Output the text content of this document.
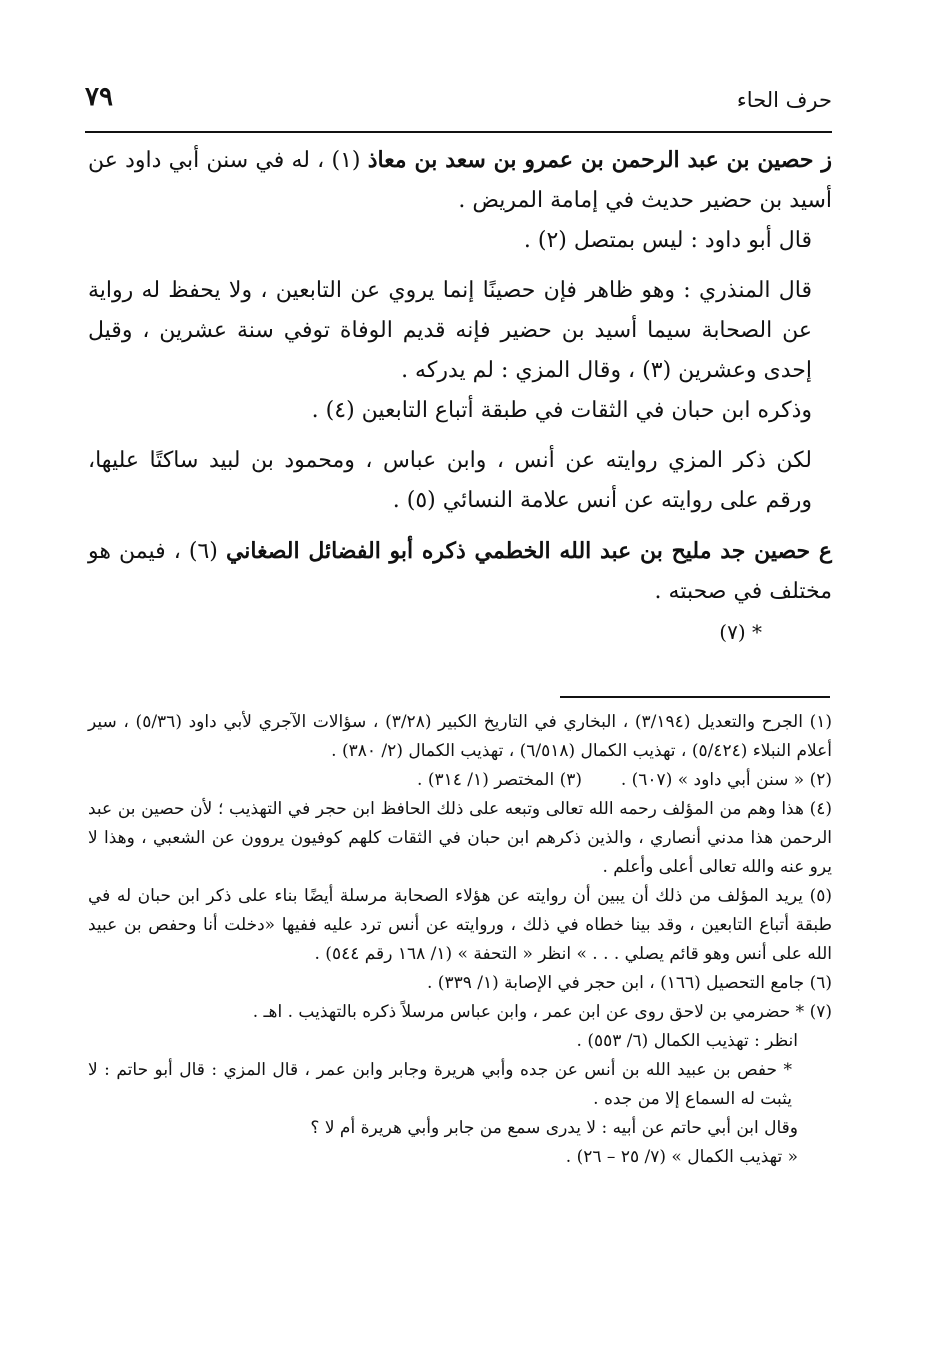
٧٩	حرف الحاء

ز حصين بن عبد الرحمن بن عمرو بن سعد بن معاذ (١) ، له في سنن أبي داود عن أسيد بن حضير حديث في إمامة المريض .

قال أبو داود : ليس بمتصل (٢) .

قال المنذري : وهو ظاهر فإن حصينًا إنما يروي عن التابعين ، ولا يحفظ له رواية عن الصحابة سيما أسيد بن حضير فإنه قديم الوفاة توفي سنة عشرين ، وقيل إحدى وعشرين (٣) ، وقال المزي : لم يدركه .

وذكره ابن حبان في الثقات في طبقة أتباع التابعين (٤) .

لكن ذكر المزي روايته عن أنس ، وابن عباس ، ومحمود بن لبيد ساكتًا عليها، ورقم على روايته عن أنس علامة النسائي (٥) .

ع حصين جد مليح بن عبد الله الخطمي ذكره أبو الفضائل الصغاني (٦) ، فيمن هو مختلف في صحبته .

* (٧)

(١) الجرح والتعديل (٣/١٩٤) ، البخاري في التاريخ الكبير (٣/٢٨) ، سؤالات الآجري لأبي داود (٥/٣٦) ، سير أعلام النبلاء (٥/٤٢٤) ، تهذيب الكمال (٦/٥١٨) ، تهذيب الكمال (٢/ ٣٨٠) .

(٢) « سنن أبي داود » (٦٠٧) .
(٣) المختصر (١/ ٣١٤) .

(٤) هذا وهم من المؤلف رحمه الله تعالى وتبعه على ذلك الحافظ ابن حجر في التهذيب ؛ لأن حصين بن عبد الرحمن هذا مدني أنصاري ، والذين ذكرهم ابن حبان في الثقات كلهم كوفيون يروون عن الشعبي ، وهذا لا يرو عنه والله تعالى أعلى وأعلم .

(٥) يريد المؤلف من ذلك أن يبين أن روايته عن هؤلاء الصحابة مرسلة أيضًا بناء على ذكر ابن حبان له في طبقة أتباع التابعين ، وقد بينا خطاه في ذلك ، وروايته عن أنس ترد عليه ففيها «دخلت أنا وحفص بن عبيد الله على أنس وهو قائم يصلي . . . » انظر « التحفة » (١/ ١٦٨ رقم ٥٤٤) .

(٦) جامع التحصيل (١٦٦) ، ابن حجر في الإصابة (١/ ٣٣٩) .

(٧) * حضرمي بن لاحق روى عن ابن عمر ، وابن عباس مرسلاً ذكره بالتهذيب . اهـ .

انظر : تهذيب الكمال (٦/ ٥٥٣) .

* حفص بن عبيد الله بن أنس عن جده وأبي هريرة وجابر وابن عمر ، قال المزي : قال أبو حاتم : لا يثبت له السماع إلا من جده .

وقال ابن أبي حاتم عن أبيه : لا يدرى سمع من جابر وأبي هريرة أم لا ؟

« تهذيب الكمال » (٧/ ٢٥ – ٢٦) .
